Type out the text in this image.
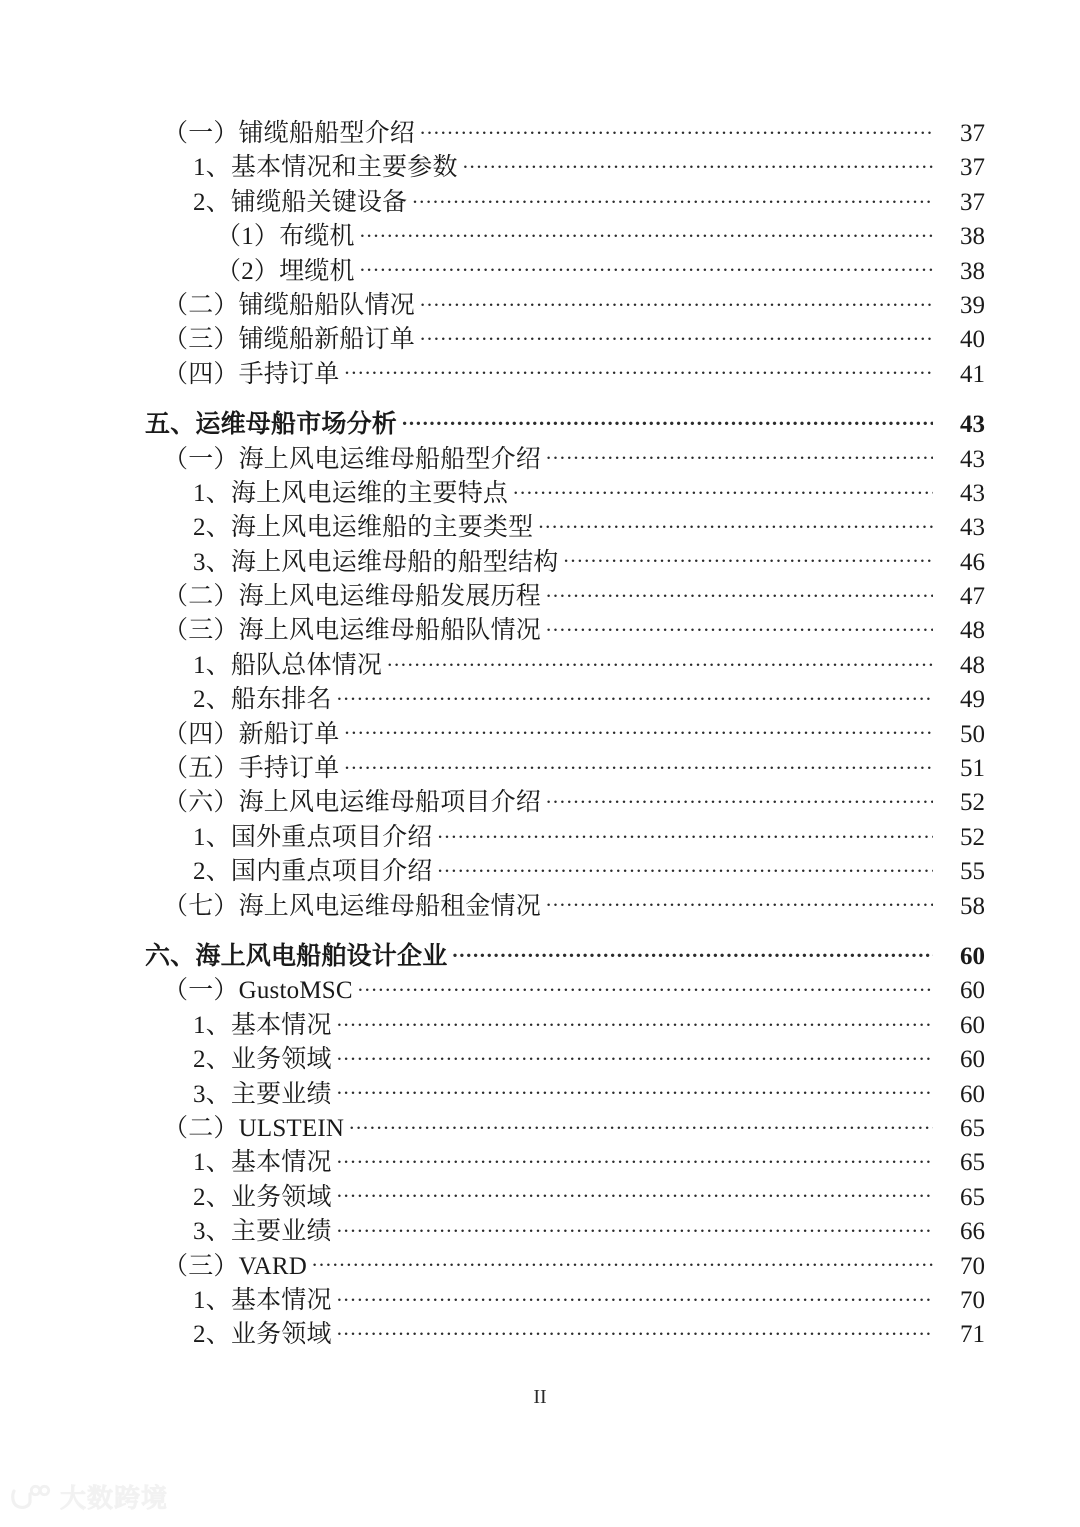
（一）铺缆船船型介绍 .....	37
1、基本情况和主要参数 .....	37
2、铺缆船关键设备 .....	37
（1）布缆机 .....	38
（2）埋缆机 .....	38
（二）铺缆船船队情况 .....	39
（三）铺缆船新船订单 .....	40
（四）手持订单 .....	41
五、运维母船市场分析 .....	43
（一）海上风电运维母船船型介绍 .....	43
1、海上风电运维的主要特点 .....	43
2、海上风电运维船的主要类型 .....	43
3、海上风电运维母船的船型结构 .....	46
（二）海上风电运维母船发展历程 .....	47
（三）海上风电运维母船船队情况 .....	48
1、船队总体情况 .....	48
2、船东排名 .....	49
（四）新船订单 .....	50
（五）手持订单 .....	51
（六）海上风电运维母船项目介绍 .....	52
1、国外重点项目介绍 .....	52
2、国内重点项目介绍 .....	55
（七）海上风电运维母船租金情况 .....	58
六、海上风电船舶设计企业 .....	60
（一）GustoMSC .....	60
1、基本情况 .....	60
2、业务领域 .....	60
3、主要业绩 .....	60
（二）ULSTEIN .....	65
1、基本情况 .....	65
2、业务领域 .....	65
3、主要业绩 .....	66
（三）VARD .....	70
1、基本情况 .....	70
2、业务领域 .....	71
II
大数跨境
